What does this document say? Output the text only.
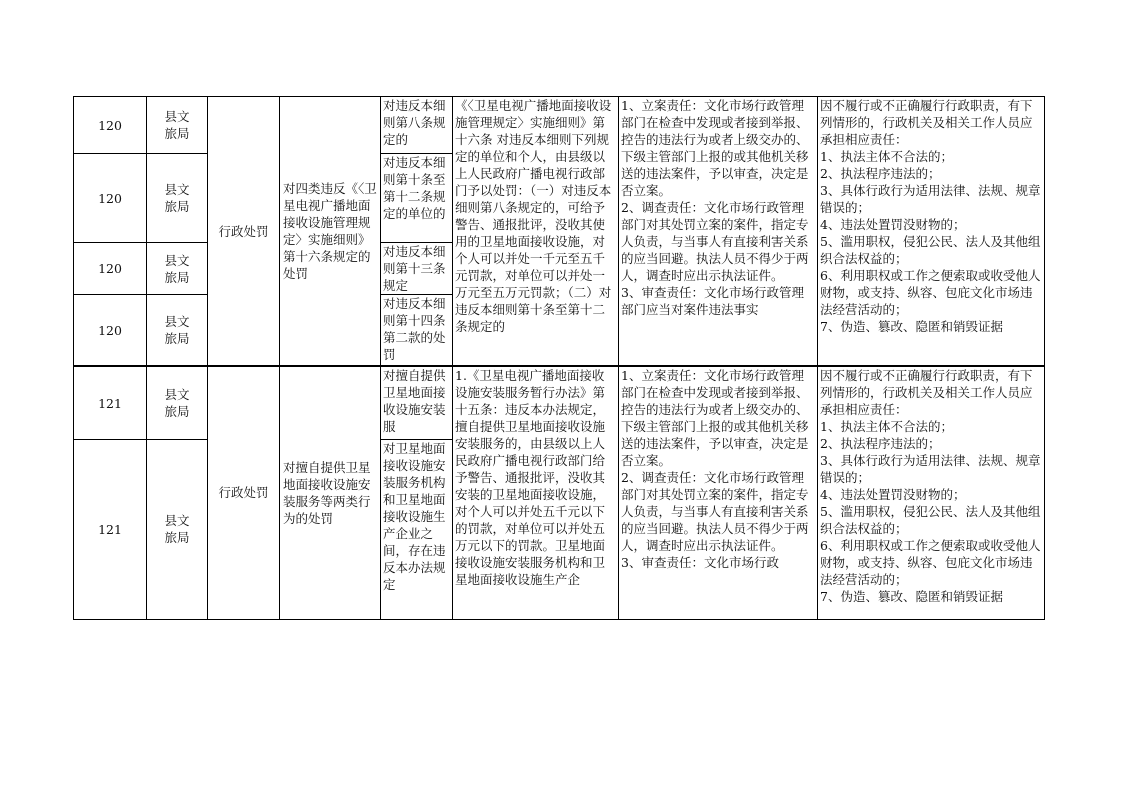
120
县文旅局
120
县文旅局
120
县文旅局
120
县文旅局
行政处罚
对四类违反《〈卫星电视广播地面接收设施管理规定〉实施细则》第十六条规定的处罚
对违反本细则第八条规定的
对违反本细则第十条至第十二条规定的单位的
对违反本细则第十三条规定
对违反本细则第十四条第二款的处罚
《〈卫星电视广播地面接收设施管理规定〉实施细则》第十六条 对违反本细则下列规定的单位和个人，由县级以上人民政府广播电视行政部门予以处罚：（一）对违反本细则第八条规定的，可给予警告、通报批评，没收其使用的卫星地面接收设施，对个人可以并处一千元至五千元罚款，对单位可以并处一万元至五万元罚款；（二）对违反本细则第十条至第十二条规定的
1、立案责任：文化市场行政管理部门在检查中发现或者接到举报、控告的违法行为或者上级交办的、下级主管部门上报的或其他机关移送的违法案件，予以审查，决定是否立案。
2、调查责任：文化市场行政管理部门对其处罚立案的案件，指定专人负责，与当事人有直接利害关系的应当回避。执法人员不得少于两人，调查时应出示执法证件。
3、审查责任：文化市场行政管理部门应当对案件违法事实
因不履行或不正确履行行政职责，有下列情形的，行政机关及相关工作人员应承担相应责任：
1、执法主体不合法的；
2、执法程序违法的；
3、具体行政行为适用法律、法规、规章错误的；
4、违法处置罚没财物的；
5、滥用职权，侵犯公民、法人及其他组织合法权益的；
6、利用职权或工作之便索取或收受他人财物，或支持、纵容、包庇文化市场违法经营活动的；
7、伪造、篡改、隐匿和销毁证据
121
县文旅局
121
县文旅局
行政处罚
对擅自提供卫星地面接收设施安装服务等两类行为的处罚
对擅自提供卫星地面接收设施安装服
对卫星地面接收设施安装服务机构和卫星地面接收设施生产企业之间，存在违反本办法规定
1.《卫星电视广播地面接收设施安装服务暂行办法》第十五条：违反本办法规定，擅自提供卫星地面接收设施安装服务的，由县级以上人民政府广播电视行政部门给予警告、通报批评，没收其安装的卫星地面接收设施，对个人可以并处五千元以下的罚款，对单位可以并处五万元以下的罚款。卫星地面接收设施安装服务机构和卫星地面接收设施生产企
1、立案责任：文化市场行政管理部门在检查中发现或者接到举报、控告的违法行为或者上级交办的、下级主管部门上报的或其他机关移送的违法案件，予以审查，决定是否立案。
2、调查责任：文化市场行政管理部门对其处罚立案的案件，指定专人负责，与当事人有直接利害关系的应当回避。执法人员不得少于两人，调查时应出示执法证件。
3、审查责任：文化市场行政
因不履行或不正确履行行政职责，有下列情形的，行政机关及相关工作人员应承担相应责任：
1、执法主体不合法的；
2、执法程序违法的；
3、具体行政行为适用法律、法规、规章错误的；
4、违法处置罚没财物的；
5、滥用职权，侵犯公民、法人及其他组织合法权益的；
6、利用职权或工作之便索取或收受他人财物，或支持、纵容、包庇文化市场违法经营活动的；
7、伪造、篡改、隐匿和销毁证据
